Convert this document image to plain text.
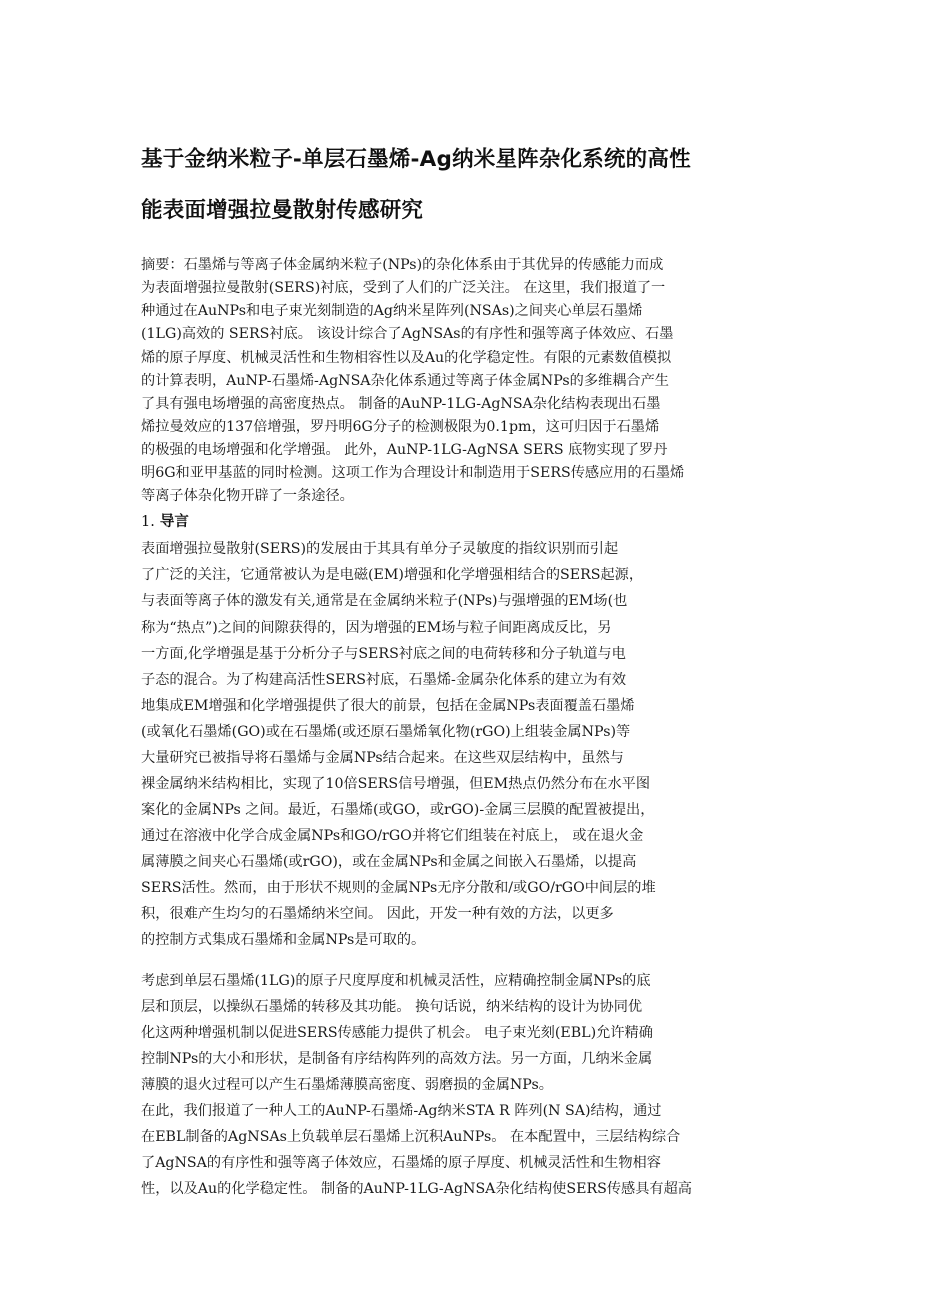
基于金纳米粒子-单层石墨烯-Ag纳米星阵杂化系统的高性
能表面增强拉曼散射传感研究

摘要：石墨烯与等离子体金属纳米粒子(NPs)的杂化体系由于其优异的传感能力而成

为表面增强拉曼散射(SERS)衬底，受到了人们的广泛关注。 在这里，我们报道了一

种通过在AuNPs和电子束光刻制造的Ag纳米星阵列(NSAs)之间夹心单层石墨烯

(1LG)高效的 SERS衬底。 该设计综合了AgNSAs的有序性和强等离子体效应、石墨

烯的原子厚度、机械灵活性和生物相容性以及Au的化学稳定性。有限的元素数值模拟

的计算表明，AuNP-石墨烯-AgNSA杂化体系通过等离子体金属NPs的多维耦合产生

了具有强电场增强的高密度热点。 制备的AuNP-1LG-AgNSA杂化结构表现出石墨

烯拉曼效应的137倍增强，罗丹明6G分子的检测极限为0.1pm，这可归因于石墨烯

的极强的电场增强和化学增强。 此外，AuNP-1LG-AgNSA SERS 底物实现了罗丹

明6G和亚甲基蓝的同时检测。这项工作为合理设计和制造用于SERS传感应用的石墨烯

等离子体杂化物开辟了一条途径。

1. 导言

表面增强拉曼散射(SERS)的发展由于其具有单分子灵敏度的指纹识别而引起

了广泛的关注，它通常被认为是电磁(EM)增强和化学增强相结合的SERS起源，

与表面等离子体的激发有关,通常是在金属纳米粒子(NPs)与强增强的EM场(也

称为“热点”)之间的间隙获得的，因为增强的EM场与粒子间距离成反比，另

一方面,化学增强是基于分析分子与SERS衬底之间的电荷转移和分子轨道与电

子态的混合。为了构建高活性SERS衬底，石墨烯-金属杂化体系的建立为有效

地集成EM增强和化学增强提供了很大的前景，包括在金属NPs表面覆盖石墨烯

(或氧化石墨烯(GO)或在石墨烯(或还原石墨烯氧化物(rGO)上组装金属NPs)等

大量研究已被指导将石墨烯与金属NPs结合起来。在这些双层结构中，虽然与

裸金属纳米结构相比，实现了10倍SERS信号增强，但EM热点仍然分布在水平图

案化的金属NPs 之间。最近，石墨烯(或GO，或rGO)-金属三层膜的配置被提出，

通过在溶液中化学合成金属NPs和GO/rGO并将它们组装在衬底上， 或在退火金

属薄膜之间夹心石墨烯(或rGO)，或在金属NPs和金属之间嵌入石墨烯，以提高

SERS活性。然而，由于形状不规则的金属NPs无序分散和/或GO/rGO中间层的堆

积，很难产生均匀的石墨烯纳米空间。 因此，开发一种有效的方法，以更多

的控制方式集成石墨烯和金属NPs是可取的。

考虑到单层石墨烯(1LG)的原子尺度厚度和机械灵活性，应精确控制金属NPs的底

层和顶层，以操纵石墨烯的转移及其功能。 换句话说，纳米结构的设计为协同优

化这两种增强机制以促进SERS传感能力提供了机会。 电子束光刻(EBL)允许精确

控制NPs的大小和形状，是制备有序结构阵列的高效方法。另一方面，几纳米金属

薄膜的退火过程可以产生石墨烯薄膜高密度、弱磨损的金属NPs。

在此，我们报道了一种人工的AuNP-石墨烯-Ag纳米STA R 阵列(N SA)结构，通过

在EBL制备的AgNSAs上负载单层石墨烯上沉积AuNPs。 在本配置中，三层结构综合

了AgNSA的有序性和强等离子体效应，石墨烯的原子厚度、机械灵活性和生物相容

性，以及Au的化学稳定性。 制备的AuNP-1LG-AgNSA杂化结构使SERS传感具有超高
